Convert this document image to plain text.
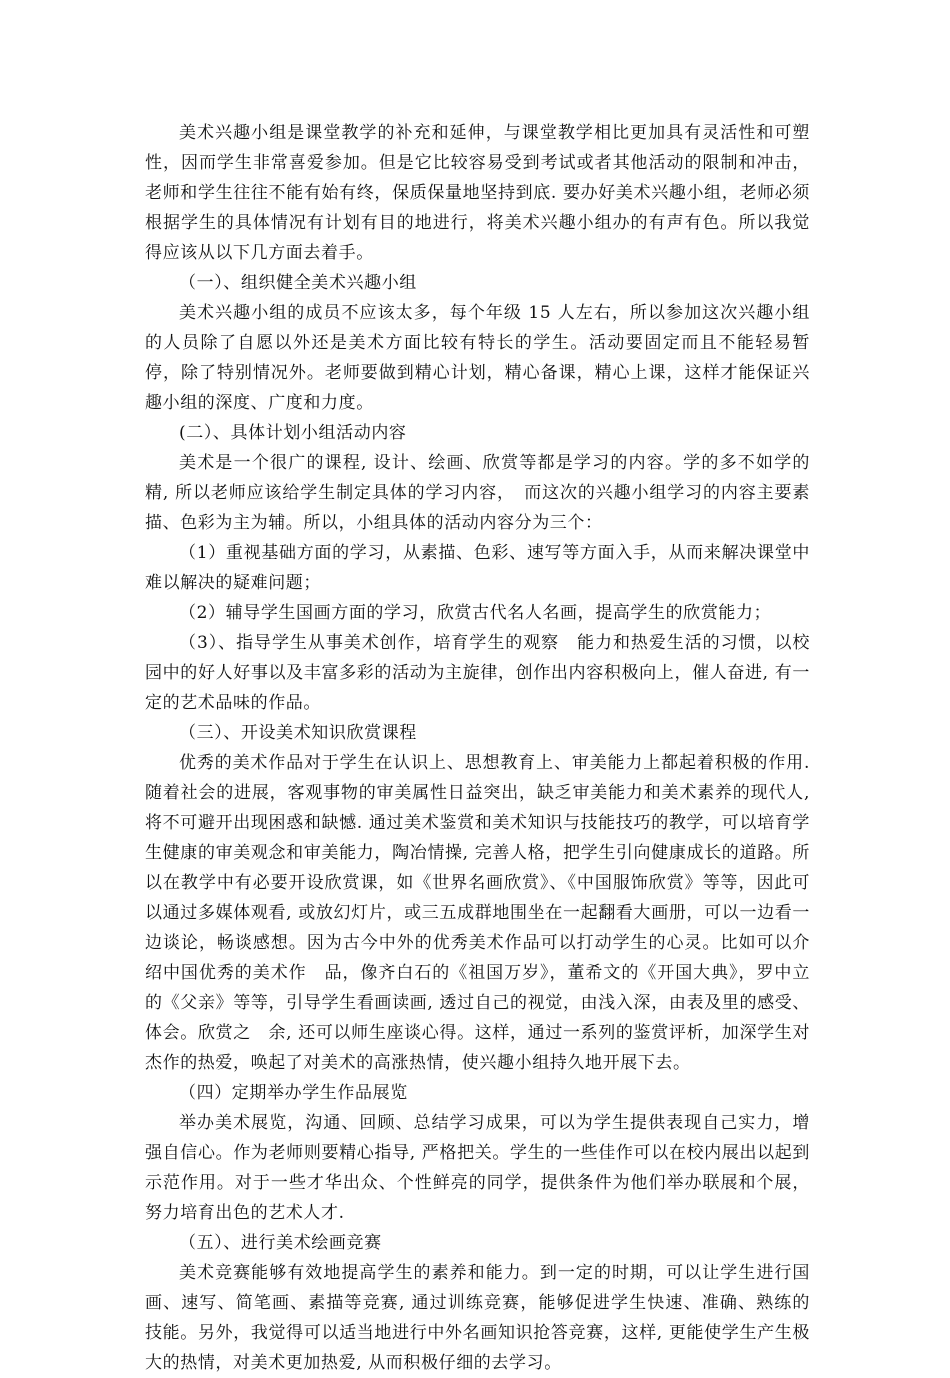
美术兴趣小组是课堂教学的补充和延伸，与课堂教学相比更加具有灵活性和可塑性，因而学生非常喜爱参加。但是它比较容易受到考试或者其他活动的限制和冲击，老师和学生往往不能有始有终，保质保量地坚持到底. 要办好美术兴趣小组，老师必须根据学生的具体情况有计划有目的地进行，将美术兴趣小组办的有声有色。所以我觉得应该从以下几方面去着手。

（一）、组织健全美术兴趣小组

美术兴趣小组的成员不应该太多，每个年级 15 人左右，所以参加这次兴趣小组的人员除了自愿以外还是美术方面比较有特长的学生。活动要固定而且不能轻易暂停，除了特别情况外。老师要做到精心计划，精心备课，精心上课，这样才能保证兴趣小组的深度、广度和力度。

(二）、具体计划小组活动内容

美术是一个很广的课程, 设计、绘画、欣赏等都是学习的内容。学的多不如学的精, 所以老师应该给学生制定具体的学习内容，　而这次的兴趣小组学习的内容主要素描、色彩为主为辅。所以，小组具体的活动内容分为三个：

（1）重视基础方面的学习，从素描、色彩、速写等方面入手，从而来解决课堂中难以解决的疑难问题；

（2）辅导学生国画方面的学习，欣赏古代名人名画，提高学生的欣赏能力；

（3）、指导学生从事美术创作，培育学生的观察　能力和热爱生活的习惯，以校园中的好人好事以及丰富多彩的活动为主旋律，创作出内容积极向上，催人奋进, 有一定的艺术品味的作品。

（三）、开设美术知识欣赏课程

优秀的美术作品对于学生在认识上、思想教育上、审美能力上都起着积极的作用. 随着社会的进展，客观事物的审美属性日益突出，缺乏审美能力和美术素养的现代人, 将不可避开出现困惑和缺憾. 通过美术鉴赏和美术知识与技能技巧的教学，可以培育学生健康的审美观念和审美能力，陶冶情操, 完善人格，把学生引向健康成长的道路。所以在教学中有必要开设欣赏课，如《世界名画欣赏》、《中国服饰欣赏》等等，因此可以通过多媒体观看, 或放幻灯片，或三五成群地围坐在一起翻看大画册，可以一边看一边谈论，畅谈感想。因为古今中外的优秀美术作品可以打动学生的心灵。比如可以介绍中国优秀的美术作　品，像齐白石的《祖国万岁》，董希文的《开国大典》，罗中立的《父亲》等等，引导学生看画读画, 透过自己的视觉，由浅入深，由表及里的感受、体会。欣赏之　余, 还可以师生座谈心得。这样，通过一系列的鉴赏评析，加深学生对杰作的热爱，唤起了对美术的高涨热情，使兴趣小组持久地开展下去。

（四）定期举办学生作品展览

举办美术展览，沟通、回顾、总结学习成果，可以为学生提供表现自己实力，增强自信心。作为老师则要精心指导, 严格把关。学生的一些佳作可以在校内展出以起到示范作用。对于一些才华出众、个性鲜亮的同学，提供条件为他们举办联展和个展，努力培育出色的艺术人才.

（五）、进行美术绘画竞赛

美术竞赛能够有效地提高学生的素养和能力。到一定的时期，可以让学生进行国画、速写、简笔画、素描等竞赛, 通过训练竞赛，能够促进学生快速、准确、熟练的　技能。另外，我觉得可以适当地进行中外名画知识抢答竞赛，这样, 更能使学生产生极大的热情，对美术更加热爱, 从而积极仔细的去学习。
